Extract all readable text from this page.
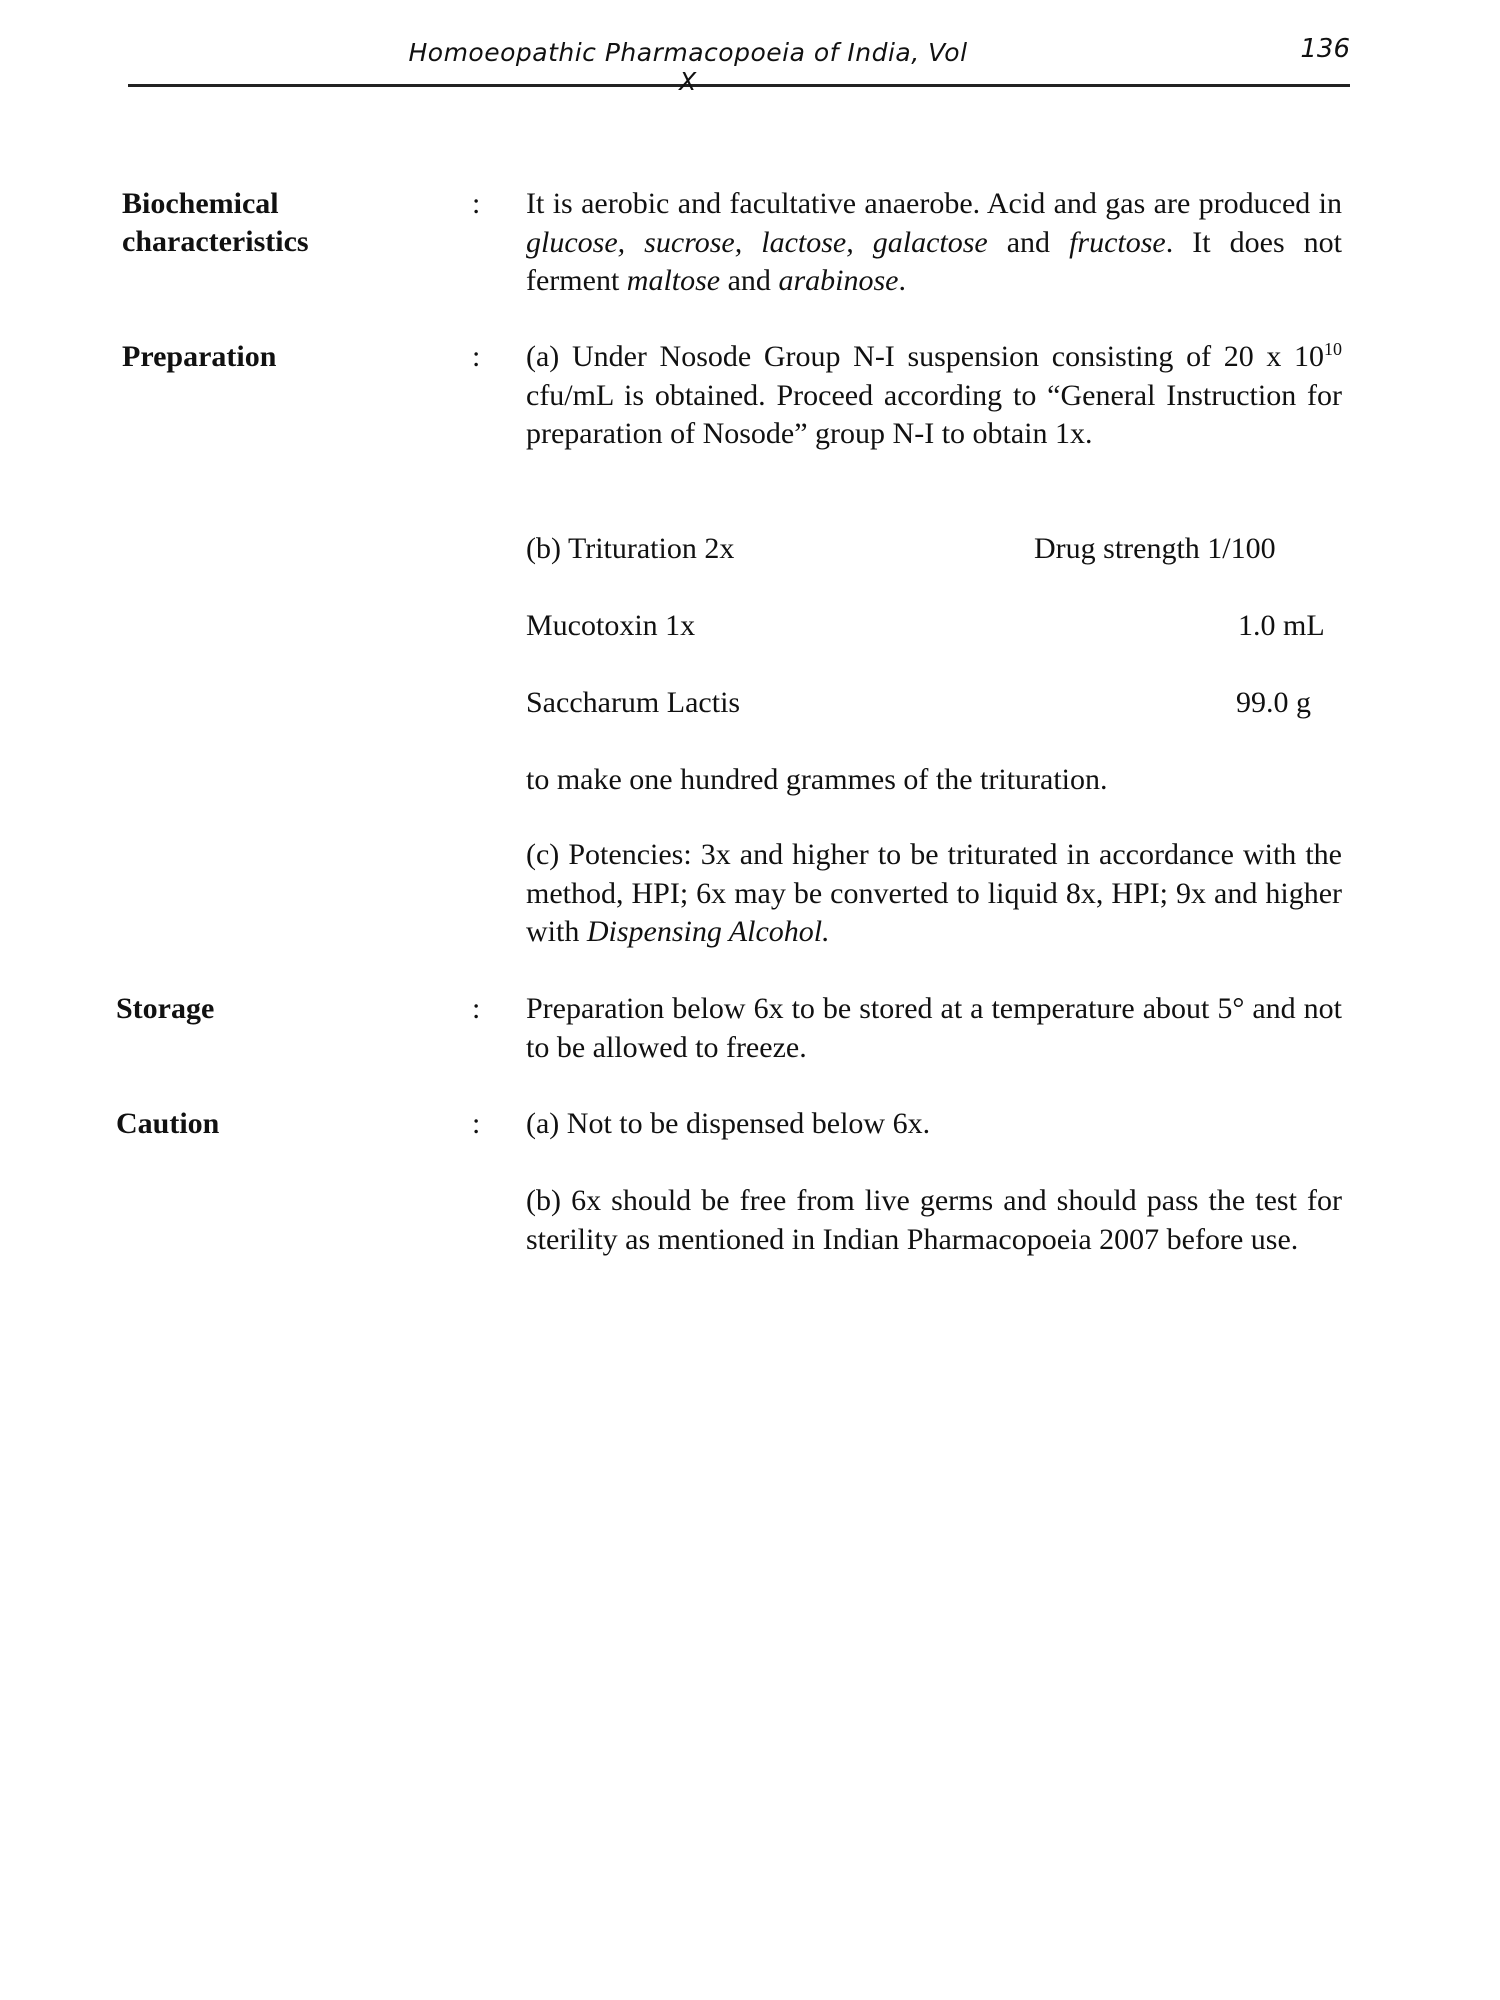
Homoeopathic Pharmacopoeia of India, Vol X
136
Biochemical
characteristics
: It is aerobic and facultative anaerobe. Acid and gas are produced in glucose, sucrose, lactose, galactose and fructose. It does not ferment maltose and arabinose.
Preparation	: (a) Under Nosode Group N-I suspension consisting of 20 x $10^{10}$ cfu/mL is obtained. Proceed according to “General Instruction for preparation of Nosode” group N-I to obtain 1x.
(b) Trituration 2x	Drug strength 1/100
Mucotoxin 1x	1.0 mL
Saccharum Lactis	99.0 g
to make one hundred grammes of the trituration.
(c) Potencies: 3x and higher to be triturated in accordance with the method, HPI; 6x may be converted to liquid 8x, HPI; 9x and higher with Dispensing Alcohol.
Storage	: Preparation below 6x to be stored at a temperature about 5° and not to be allowed to freeze.
Caution	: (a) Not to be dispensed below 6x.
(b) 6x should be free from live germs and should pass the test for sterility as mentioned in Indian Pharmacopoeia 2007 before use.
